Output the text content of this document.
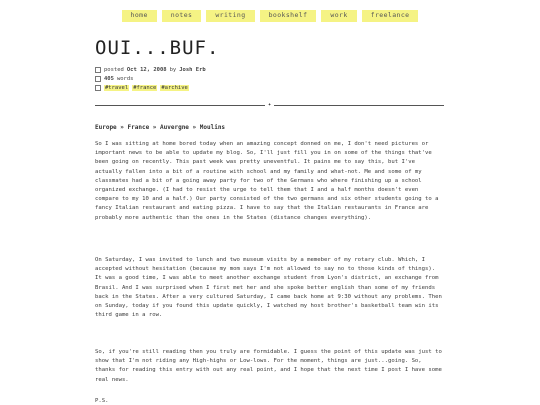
home	notes	writing	bookshelf	work	freelance
OUI...BUF.
posted Oct 12, 2008 by Josh Erb
405 words
#travel #france #archive
✦
Europe » France » Auvergne » Moulins

So I was sitting at home bored today when an amazing concept donned on me, I don't need pictures or important news to be able to update my blog. So, I'll just fill you in on some of the things that've been going on recently. This past week was pretty uneventful. It pains me to say this, but I've actually fallen into a bit of a routine with school and my family and what-not. Me and some of my classmates had a bit of a going away party for two of the Germans who where finishing up a school organized exchange. (I had to resist the urge to tell them that I and a half months doesn't even compare to my 10 and a half.) Our party consisted of the two germans and six other students going to a fancy Italian restaurant and eating pizza. I have to say that the Italian restaurants in France are probably more authentic than the ones in the States (distance changes everything).

On Saturday, I was invited to lunch and two museum visits by a memeber of my rotary club. Which, I accepted without hesitation (because my mom says I'm not allowed to say no to those kinds of things). It was a good time, I was able to meet another exchange student from Lyon's district, an exchange from Brasil. And I was surprised when I first met her and she spoke better english than some of my friends back in the States. After a very cultured Saturday, I came back home at 9:30 without any problems. Then on Sunday, today if you found this update quickly, I watched my host brother's basketball team win its third game in a row.

So, if you're still reading then you truly are formidable. I guess the point of this update was just to show that I'm not riding any High-highs or Low-lows. For the moment, things are just...going. So, thanks for reading this entry with out any real point, and I hope that the next time I post I have some real news.

P.S.
